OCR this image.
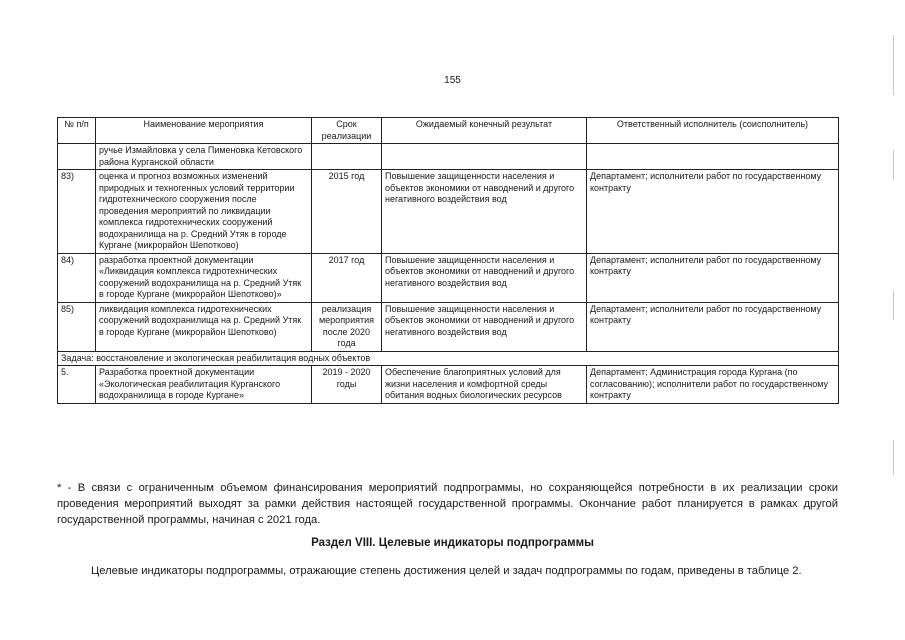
155
№ п/п	Наименование мероприятия	Срок реализации	Ожидаемый конечный результат	Ответственный исполнитель (соисполнитель)
	ручье Измайловка у села Пименовка Кетовского района Курганской области			
83)	оценка и прогноз возможных изменений природных и техногенных условий территории гидротехнического сооружения после проведения мероприятий по ликвидации комплекса гидротехнических сооружений водохранилища на р. Средний Утяк в городе Кургане (микрорайон Шепотково)	2015 год	Повышение защищенности населения и объектов экономики от наводнений и другого негативного воздействия вод	Департамент; исполнители работ по государственному контракту
84)	разработка проектной документации «Ликвидация комплекса гидротехнических сооружений водохранилища на р. Средний Утяк в городе Кургане (микрорайон Шепотково)»	2017 год	Повышение защищенности населения и объектов экономики от наводнений и другого негативного воздействия вод	Департамент; исполнители работ по государственному контракту
85)	ликвидация комплекса гидротехнических сооружений водохранилища на р. Средний Утяк в городе Кургане (микрорайон Шепотково)	реализация мероприятия после 2020 года	Повышение защищенности населения и объектов экономики от наводнений и другого негативного воздействия вод	Департамент; исполнители работ по государственному контракту
Задача: восстановление и экологическая реабилитация водных объектов				
5.	Разработка проектной документации «Экологическая реабилитация Курганского водохранилища в городе Кургане»	2019 - 2020 годы	Обеспечение благоприятных условий для жизни населения и комфортной среды обитания водных биологических ресурсов	Департамент; Администрация города Кургана (по согласованию); исполнители работ по государственному контракту
* - В связи с ограниченным объемом финансирования мероприятий подпрограммы, но сохраняющейся потребности в их реализации сроки проведения мероприятий выходят за рамки действия настоящей государственной программы. Окончание работ планируется в рамках другой государственной программы, начиная с 2021 года.
Раздел VIII. Целевые индикаторы подпрограммы
Целевые индикаторы подпрограммы, отражающие степень достижения целей и задач подпрограммы по годам, приведены в таблице 2.
